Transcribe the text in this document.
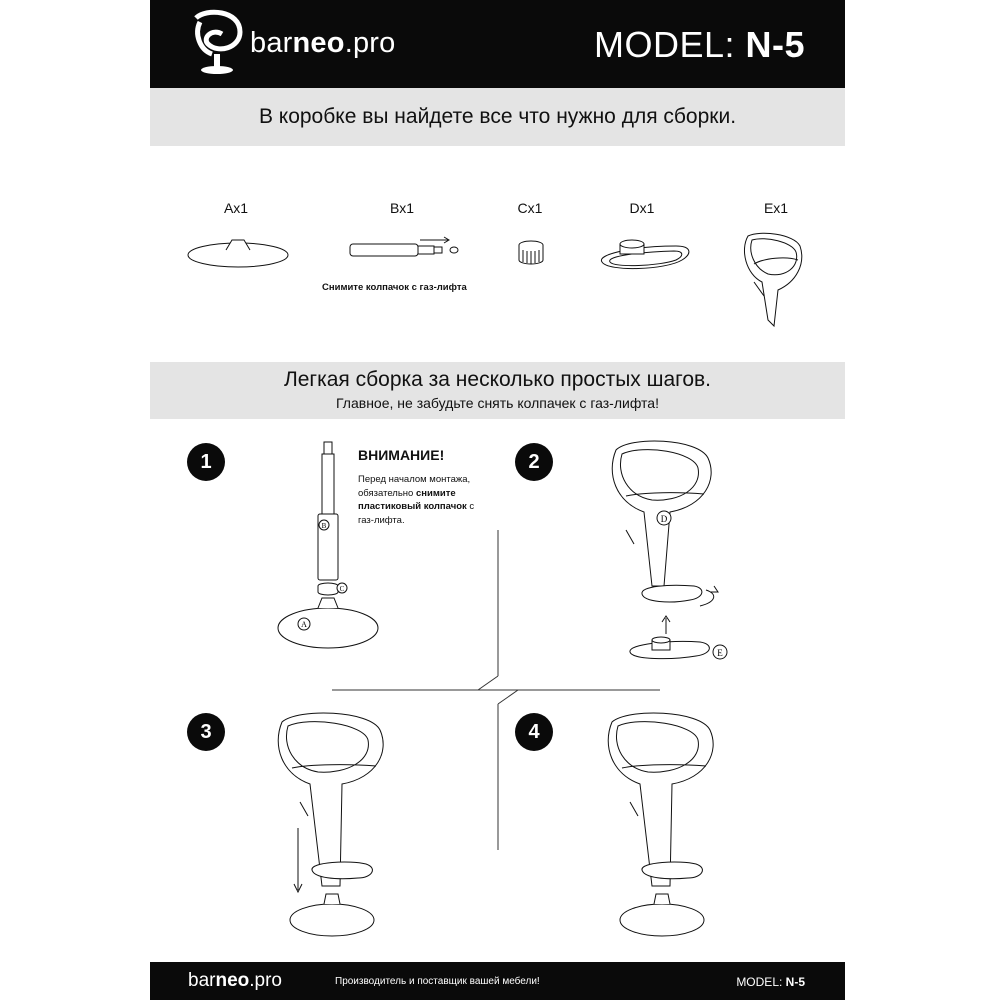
barneo.pro	MODEL: N-5
В коробке вы найдете все что нужно для сборки.
Ax1	Bx1	Cx1	Dx1	Ex1
Снимите колпачок с газ-лифта
Легкая сборка за несколько простых шагов.
Главное, не забудьте снять колпачек с газ-лифта!
1	2
3	4
ВНИМАНИЕ!
Перед началом монтажа, обязательно снимите пластиковый колпачок с газ-лифта.
B
C
A
D
E
barneo.pro	Производитель и поставщик вашей мебели!	MODEL: N-5
